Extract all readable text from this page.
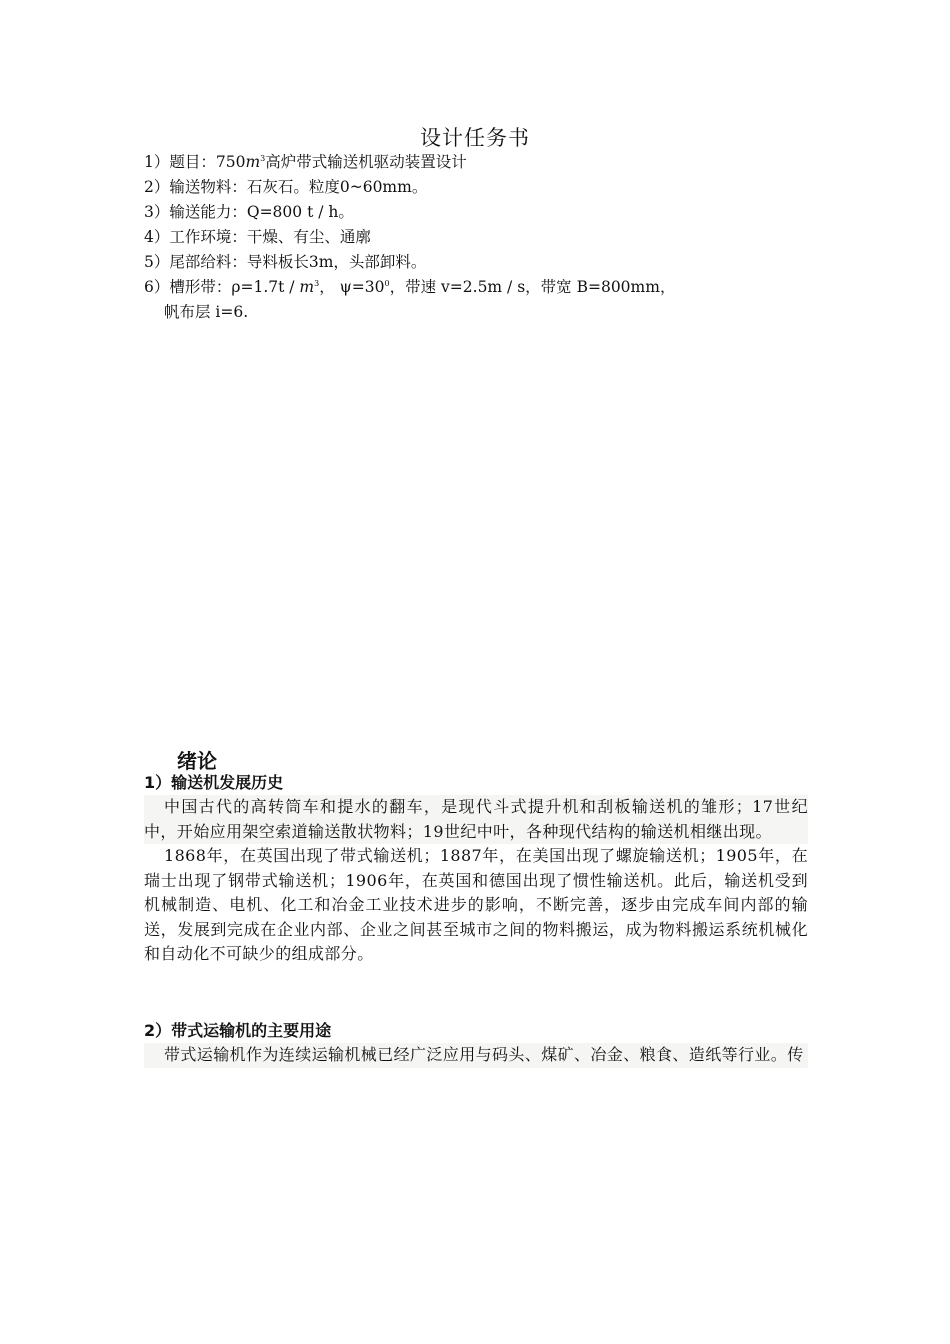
设计任务书
1）题目：$750m^3$高炉带式输送机驱动装置设计
2）输送物料：石灰石。粒度0~60mm。
3）输送能力：Q=800 t / h。
4）工作环境：干燥、有尘、通廓
5）尾部给料：导料板长3m，头部卸料。
6）槽形带：$\rho=1.7t / m^3$， $\psi=30^0$，带速 v=2.5m / s，带宽 B=800mm，
帆布层 i=6.
绪论
1）输送机发展历史
中国古代的高转筒车和提水的翻车，是现代斗式提升机和刮板输送机的雏形；17世纪中，开始应用架空索道输送散状物料；19世纪中叶，各种现代结构的输送机相继出现。
1868年，在英国出现了带式输送机；1887年，在美国出现了螺旋输送机；1905年，在瑞士出现了钢带式输送机；1906年，在英国和德国出现了惯性输送机。此后，输送机受到机械制造、电机、化工和冶金工业技术进步的影响，不断完善，逐步由完成车间内部的输送，发展到完成在企业内部、企业之间甚至城市之间的物料搬运，成为物料搬运系统机械化和自动化不可缺少的组成部分。
2）带式运输机的主要用途
带式运输机作为连续运输机械已经广泛应用与码头、煤矿、冶金、粮食、造纸等行业。传
